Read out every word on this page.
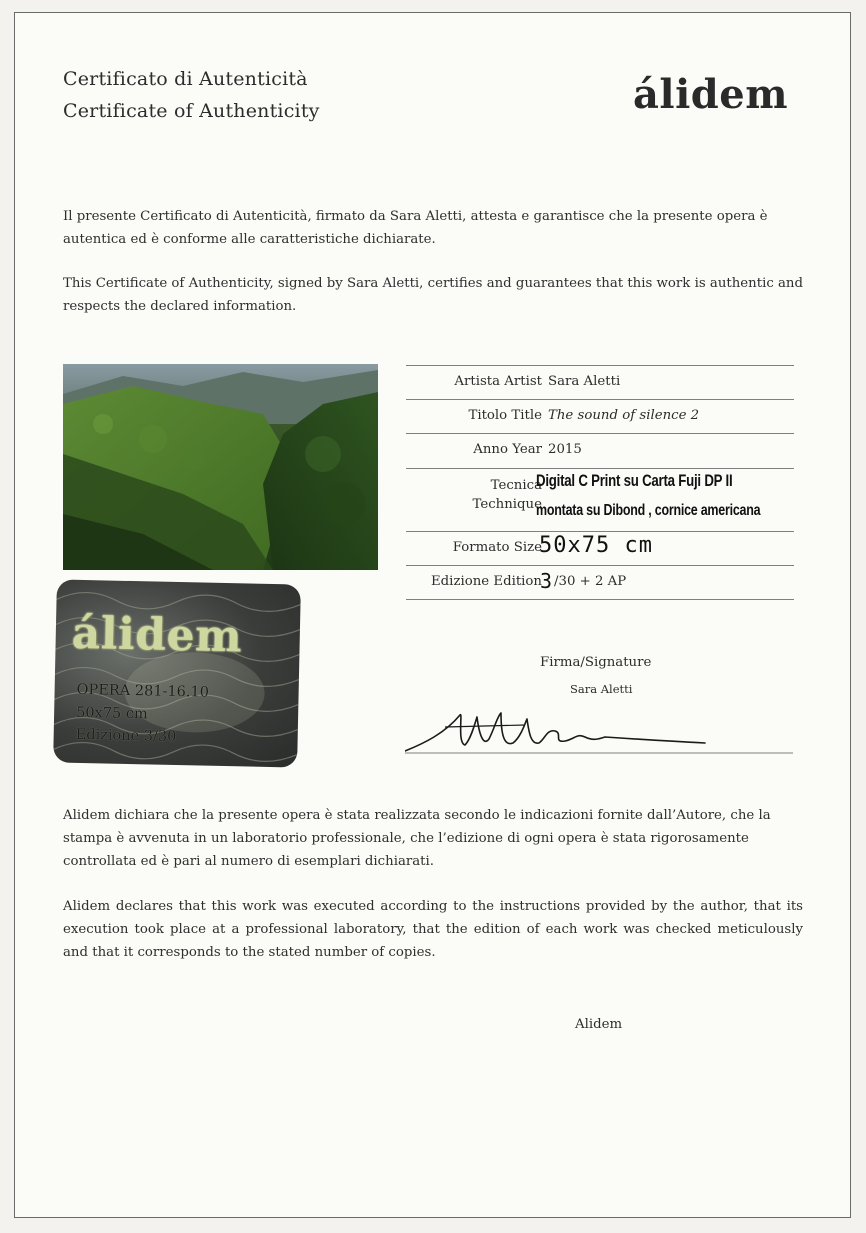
Certificato di Autenticità
Certificate of Authenticity	álidem
Il presente Certificato di Autenticità, firmato da Sara Aletti, attesta e garantisce che la presente opera è autentica ed è conforme alle caratteristiche dichiarate.
This Certificate of Authenticity, signed by Sara Aletti, certifies and guarantees that this work is authentic and respects the declared information.
álidem
OPERA 281-16.10
50x75 cm
Edizione 3/30
Artista Artist Sara Aletti
Titolo Title The sound of silence 2
Anno Year 2015
Tecnica
Technique
Digital C Print su Carta Fuji DP II
montata su Dibond , cornice americana
Formato Size
50x75 cm
Edizione Edition
3 /30 + 2 AP
Firma/Signature
Sara Aletti
Alidem dichiara che la presente opera è stata realizzata secondo le indicazioni fornite dall’Autore, che la stampa è avvenuta in un laboratorio professionale, che l’edizione di ogni opera è stata rigorosamente controllata ed è pari al numero di esemplari dichiarati.
Alidem declares that this work was executed according to the instructions provided by the author, that its execution took place at a professional laboratory, that the edition of each work was checked meticulously and that it corresponds to the stated number of copies.
Alidem
